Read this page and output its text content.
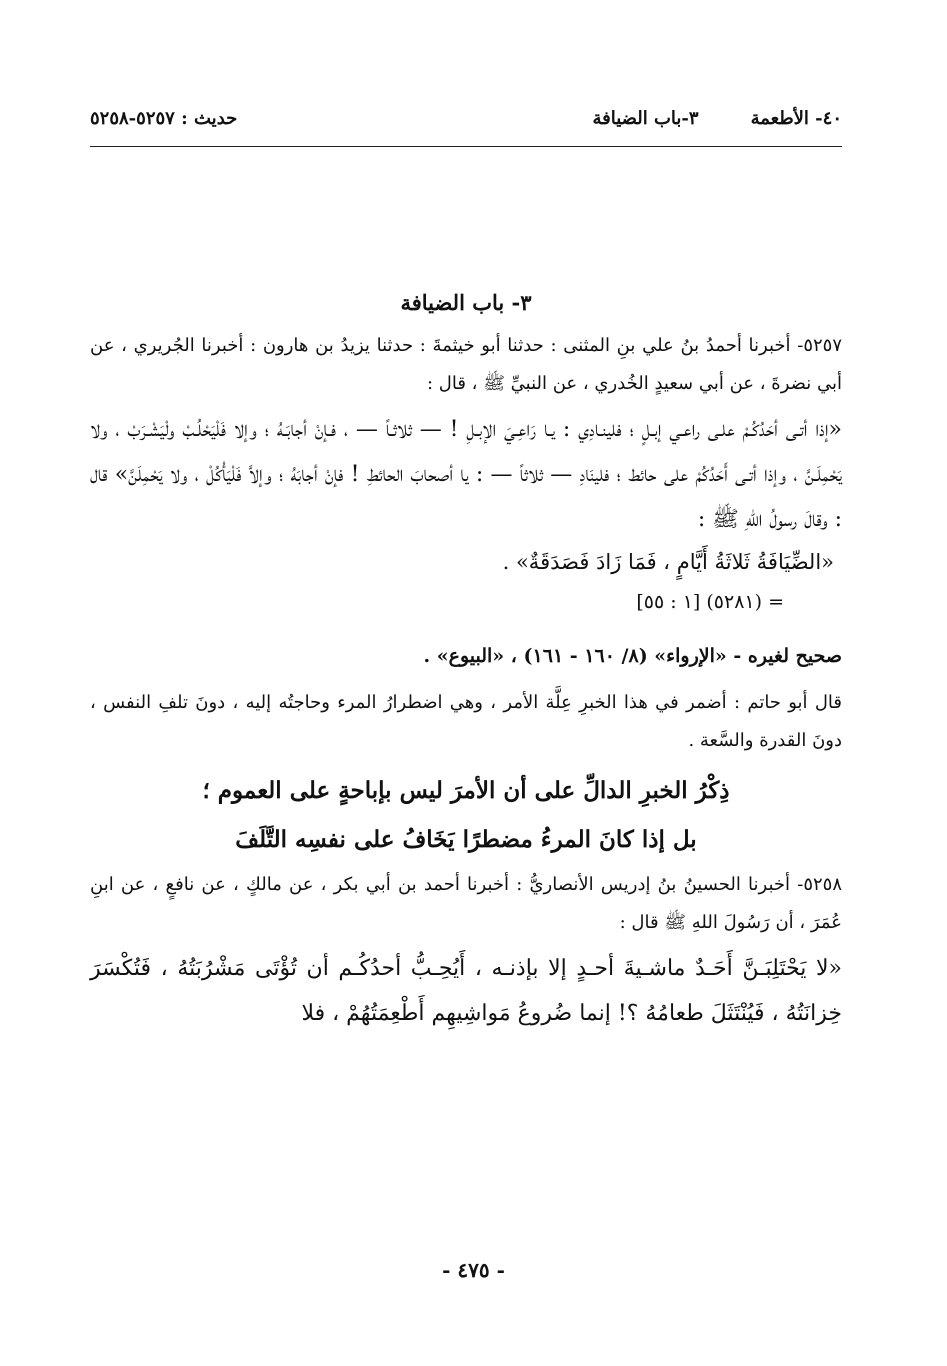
٤٠- الأطعمة٣-باب الضيافة
حديث : ٥٢٥٧-٥٢٥٨

٣- باب الضيافة

٥٢٥٧- أخبرنا أحمدُ بنُ علي بنِ المثنى : حدثنا أبو خيثمةَ : حدثنا يزيدُ بن هارون : أخبرنا الجُريري ، عن أبي نضرةَ ، عن أبي سعيدٍ الخُدري ، عن النبيِّ ﷺ ، قال :

«إذا أتـى أحَدُكُـمْ علـى راعـي إبـلٍ ؛ فلينـادِي : يـا رَاعِـيَ الإبـلِ ! — ثلاثـاً — ، فـإنْ أجابَـهُ ؛ وإلا فَلْيَحْلُـبْ ولْيَشْـرَبْ ، ولا يَحْمِلَـنَّ ، وإذا أتـى أَحَدُكُمْ على حائط ؛ فلينَادِ — ثلاثاً — : يا أصحابَ الحائطِ ! فإنْ أجابَهُ ؛ وإلاَّ فَلْيَأْكُلْ ، ولا يَحْمِلَنَّ» قال : وقالَ رسولُ اللهِ ﷺ :

«الضِّيَافَةُ ثَلاثَةُ أَيَّامٍ ، فَمَا زَادَ فَصَدَقَةٌ» .

= (٥٢٨١) [١ : ٥٥]

صحيح لغيره - «الإرواء» (٨/ ١٦٠ - ١٦١) ، «البيوع» .

قال أبو حاتم : أضمر في هذا الخبرِ عِلَّة الأمر ، وهي اضطرارُ المرء وحاجتُه إليه ، دونَ تلفِ النفس ، دونَ القدرة والسَّعة .

ذِكْرُ الخبرِ الدالِّ على أن الأمرَ ليس بإباحةٍ على العموم ؛

بل إذا كانَ المرءُ مضطرًا يَخَافُ على نفسِه التَّلَفَ

٥٢٥٨- أخبرنا الحسينُ بنُ إدريس الأنصاريُّ : أخبرنا أحمد بن أبي بكر ، عن مالكٍ ، عن نافعٍ ، عن ابنِ عُمَرَ ، أن رَسُولَ اللهِ ﷺ قال :

«لا يَحْتَلِبَـنَّ أَحَـدٌ ماشـيةَ أحـدٍ إلا بإذنـه ، أَيُحِـبُّ أحدُكُـم أن تُؤْتَى مَشْرُبَتُهُ ، فَتُكْسَرَ خِزانَتُهُ ، فَيُنْتَثَلَ طعامُهُ ؟! إنما ضُروعُ مَواشِيهِم أَطْعِمَتُهُمْ ، فلا

- ٤٧٥ -
